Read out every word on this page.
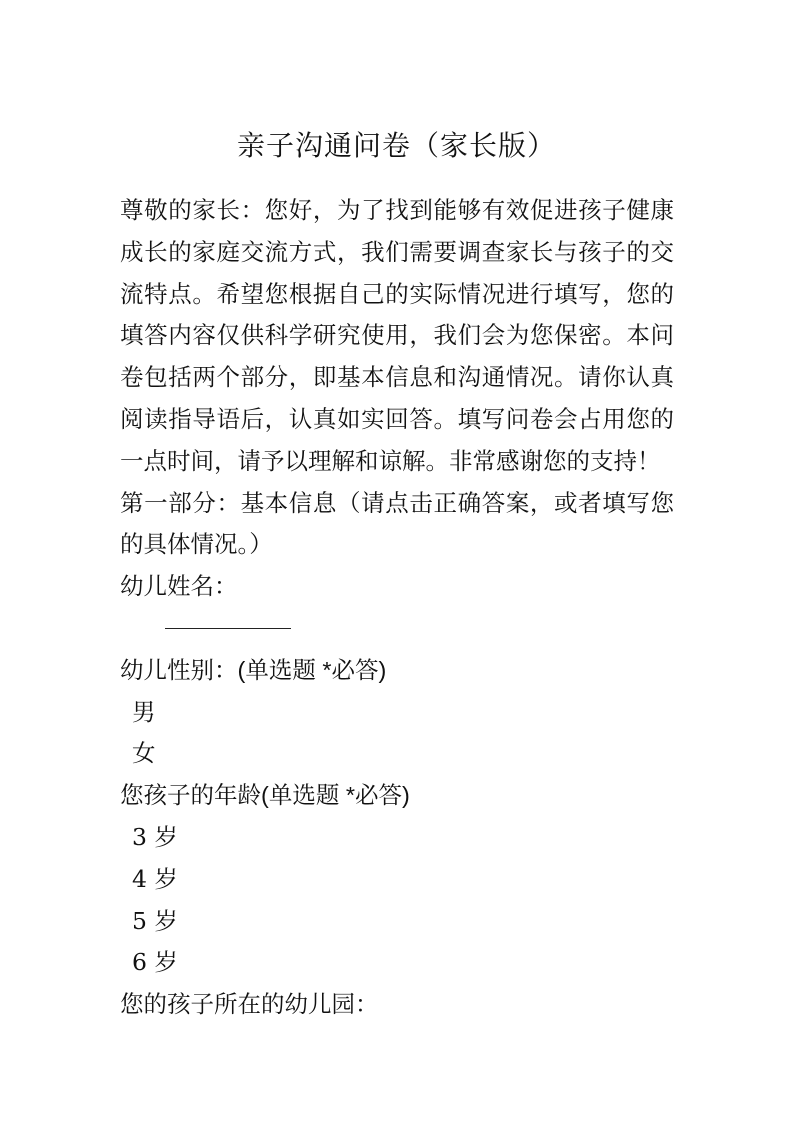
亲子沟通问卷（家长版）
尊敬的家长：您好，为了找到能够有效促进孩子健康成长的家庭交流方式，我们需要调查家长与孩子的交流特点。希望您根据自己的实际情况进行填写，您的填答内容仅供科学研究使用，我们会为您保密。本问卷包括两个部分，即基本信息和沟通情况。请你认真阅读指导语后，认真如实回答。填写问卷会占用您的一点时间，请予以理解和谅解。非常感谢您的支持！
第一部分：基本信息（请点击正确答案，或者填写您的具体情况。）
幼儿姓名：
幼儿性别：(单选题 *必答)
男
女
您孩子的年龄(单选题 *必答)
3 岁
4 岁
5 岁
6 岁
您的孩子所在的幼儿园：
